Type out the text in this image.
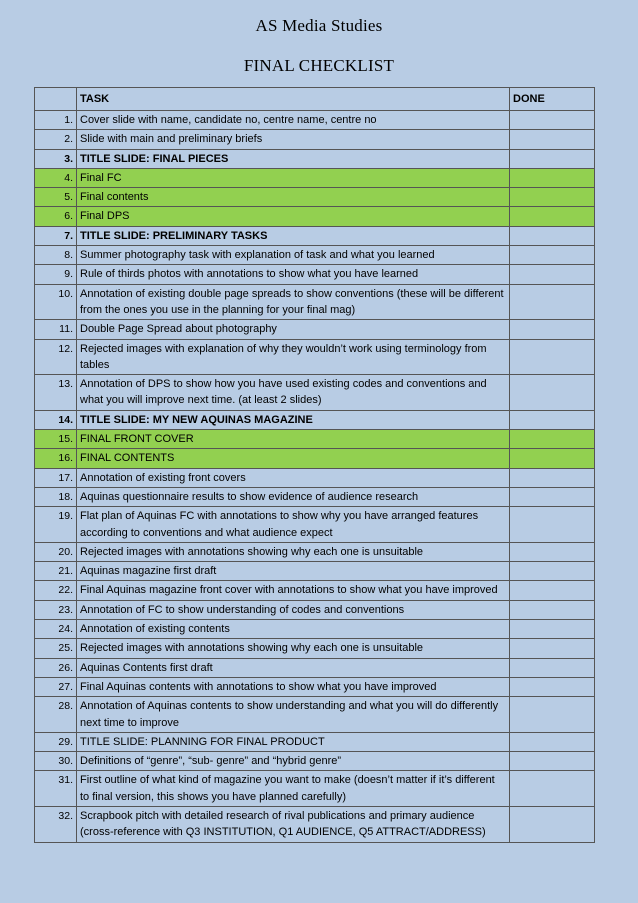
AS Media Studies
FINAL CHECKLIST
	TASK	DONE
1.	Cover slide with name, candidate no, centre name, centre no	
2.	Slide with main and preliminary briefs	
3.	TITLE SLIDE: FINAL PIECES	
4.	Final FC	
5.	Final contents	
6.	Final DPS	
7.	TITLE SLIDE: PRELIMINARY TASKS	
8.	Summer photography task with explanation of task and what you learned	
9.	Rule of thirds photos with annotations to show what you have learned	
10.	Annotation of existing double page spreads to show conventions (these will be different from the ones you use in the planning for your final mag)	
11.	Double Page Spread about photography	
12.	Rejected images with explanation of why they wouldn’t work using terminology from tables	
13.	Annotation of DPS to show how you have used existing codes and conventions and what you will improve next time. (at least 2 slides)	
14.	TITLE SLIDE: MY NEW AQUINAS MAGAZINE	
15.	FINAL FRONT COVER	
16.	FINAL CONTENTS	
17.	Annotation of existing front covers	
18.	Aquinas questionnaire results to show evidence of audience research	
19.	Flat plan of Aquinas FC with annotations to show why you have arranged features according to conventions and what audience expect	
20.	Rejected images with annotations showing why each one is unsuitable	
21.	Aquinas magazine first draft	
22.	Final Aquinas magazine front cover with annotations to show what you have improved	
23.	Annotation of FC to show understanding of codes and conventions	
24.	Annotation of existing contents	
25.	Rejected images with annotations showing why each one is unsuitable	
26.	Aquinas Contents first draft	
27.	Final Aquinas contents with annotations to show what you have improved	
28.	Annotation of Aquinas contents to show understanding and what you will do differently next time to improve	
29.	TITLE SLIDE: PLANNING FOR FINAL PRODUCT	
30.	Definitions of “genre”, “sub- genre” and “hybrid genre”	
31.	First outline of what kind of magazine you want to make (doesn’t matter if it’s different to final version, this shows you have planned carefully)	
32.	Scrapbook pitch with detailed research of rival publications and primary audience (cross-reference with Q3 INSTITUTION, Q1 AUDIENCE, Q5 ATTRACT/ADDRESS)	
